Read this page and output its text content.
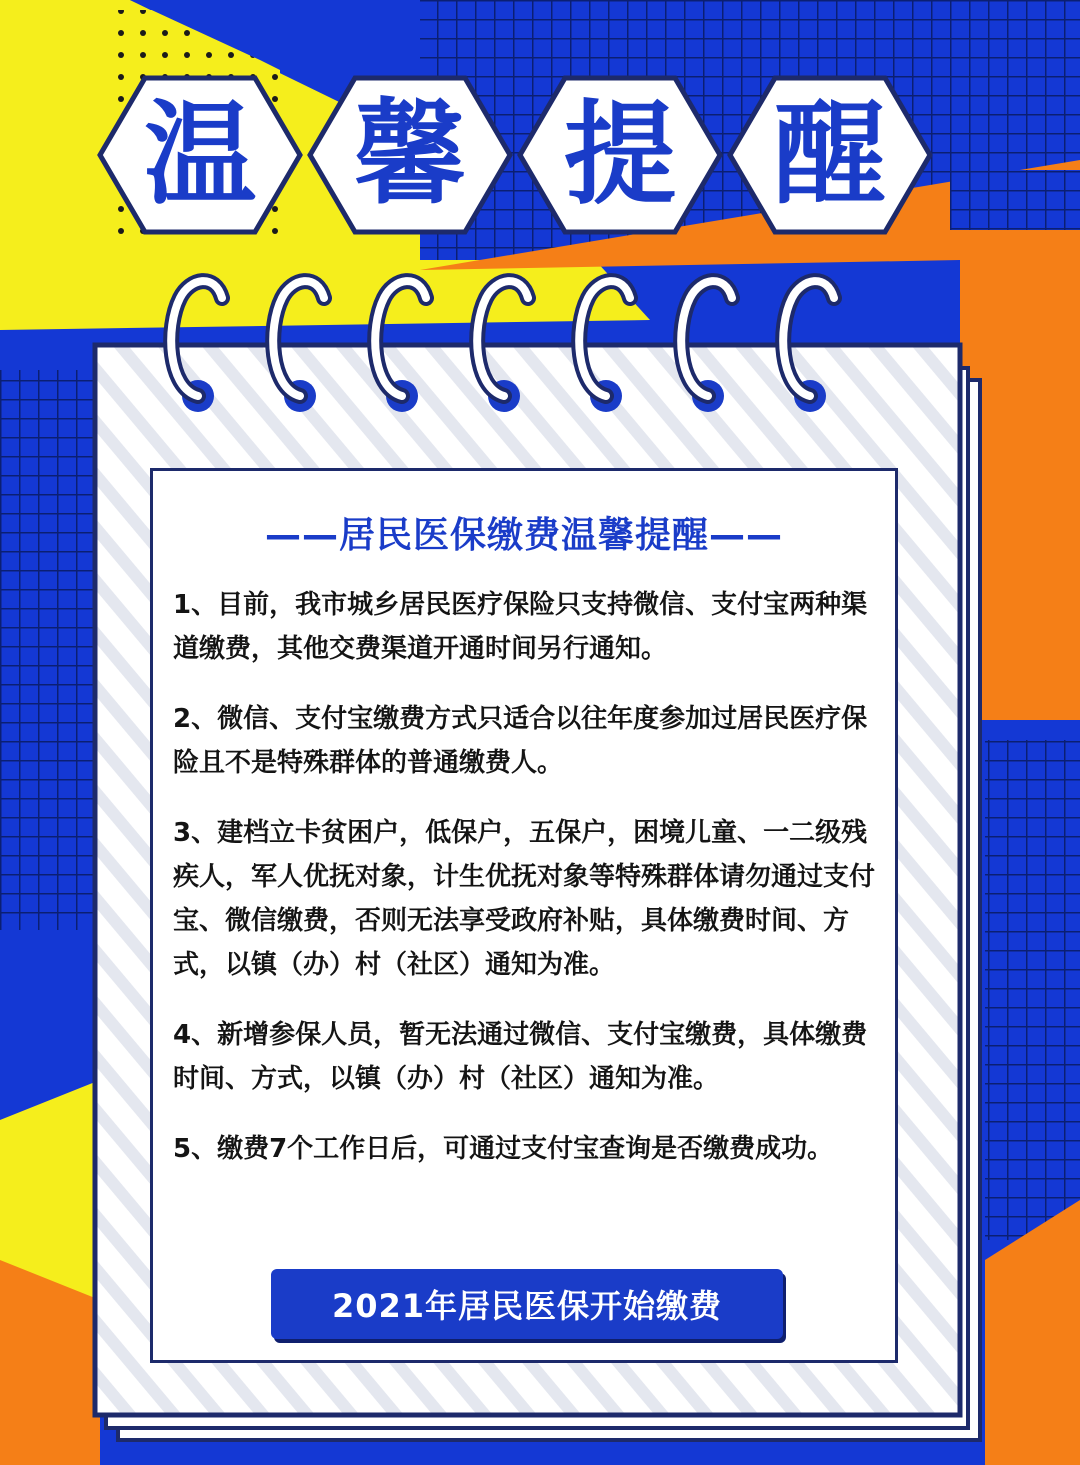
温 馨 提 醒
——居民医保缴费温馨提醒——
1、目前，我市城乡居民医疗保险只支持微信、支付宝两种渠道缴费，其他交费渠道开通时间另行通知。
2、微信、支付宝缴费方式只适合以往年度参加过居民医疗保险且不是特殊群体的普通缴费人。
3、建档立卡贫困户，低保户，五保户，困境儿童、一二级残疾人，军人优抚对象，计生优抚对象等特殊群体请勿通过支付宝、微信缴费，否则无法享受政府补贴，具体缴费时间、方式，以镇（办）村（社区）通知为准。
4、新增参保人员，暂无法通过微信、支付宝缴费，具体缴费时间、方式，以镇（办）村（社区）通知为准。
5、缴费7个工作日后，可通过支付宝查询是否缴费成功。
2021年居民医保开始缴费
